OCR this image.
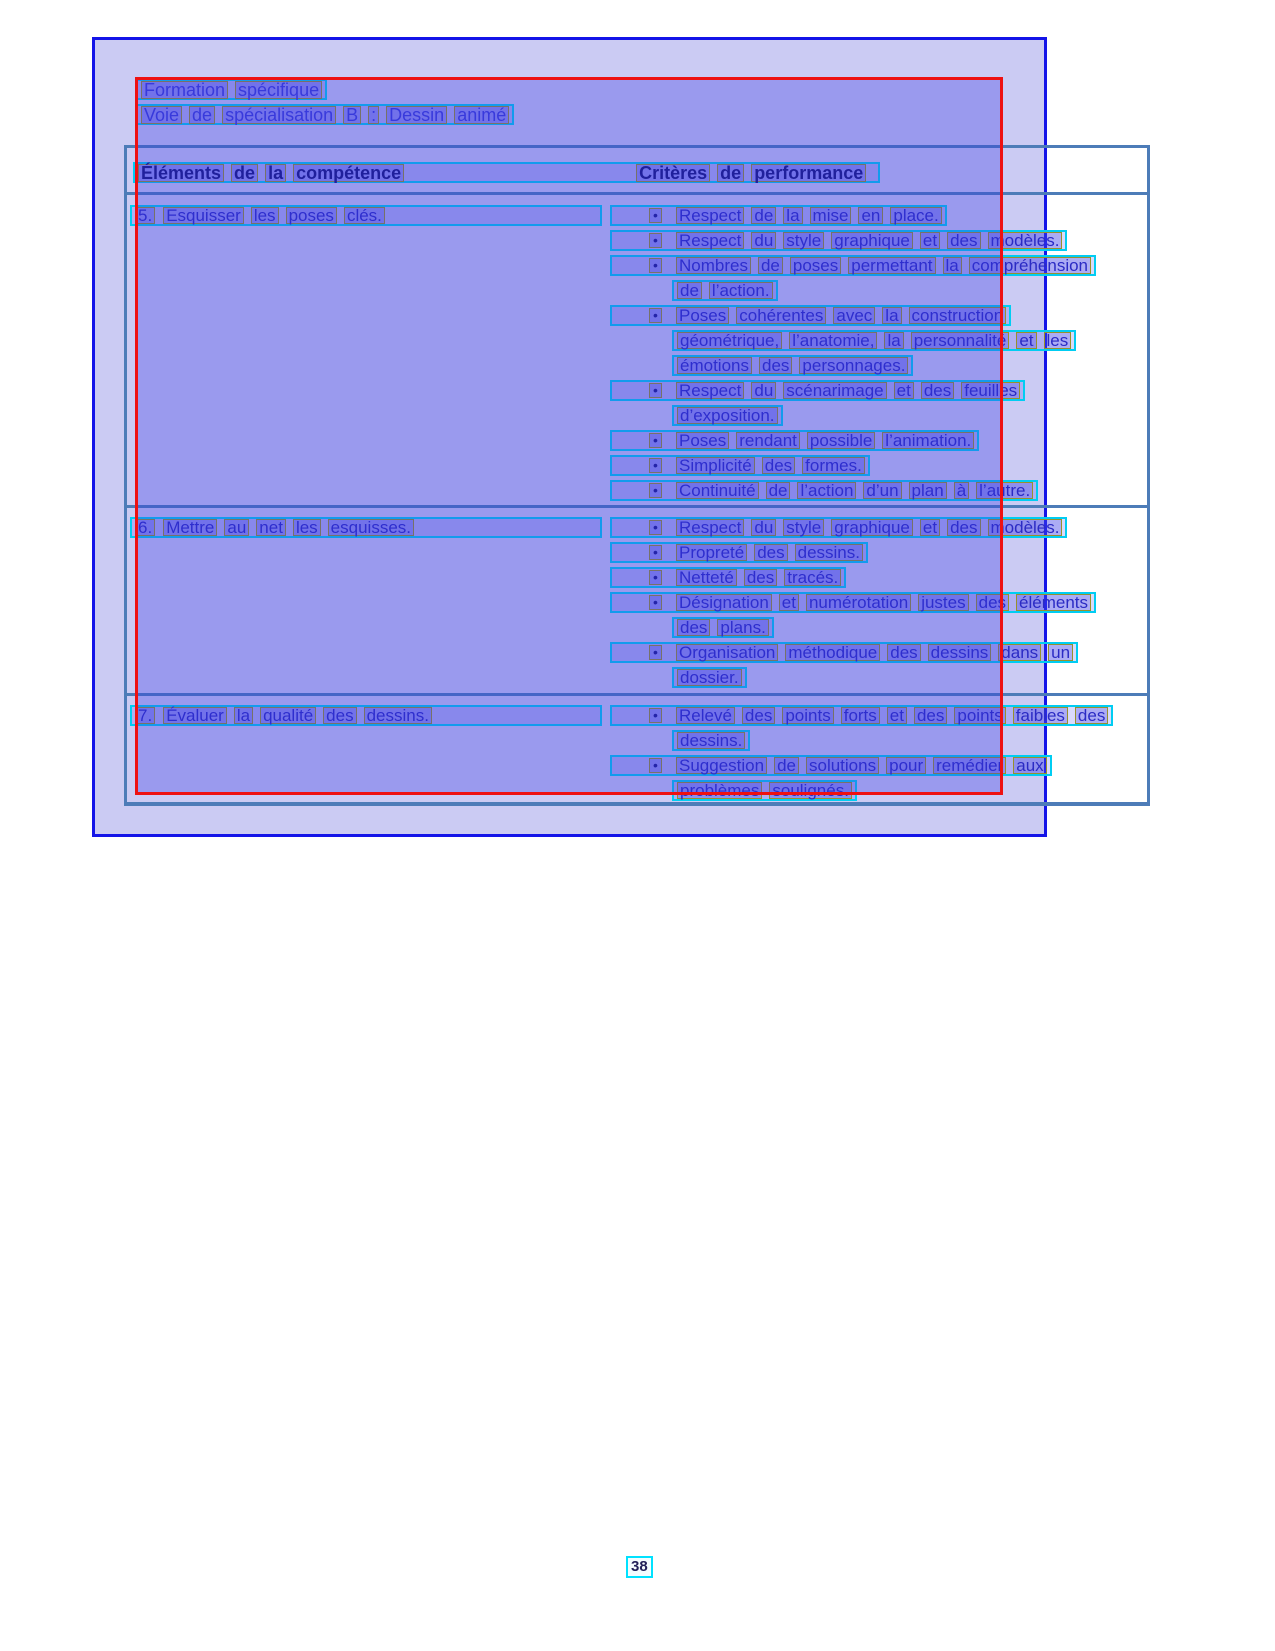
Formation spécifique
Voie de spécialisation B : Dessin animé
Éléments de la compétence	Critères de performance
5. Esquisser les poses clés.	• Respect de la mise en place.
• Respect du style graphique et des modèles.
• Nombres de poses permettant la compréhension
de l’action.
• Poses cohérentes avec la construction
géométrique, l’anatomie, la personnalité et les
émotions des personnages.
• Respect du scénarimage et des feuilles
d’exposition.
• Poses rendant possible l’animation.
• Simplicité des formes.
• Continuité de l’action d’un plan à l’autre.
6. Mettre au net les esquisses.	• Respect du style graphique et des modèles.
• Propreté des dessins.
• Netteté des tracés.
• Désignation et numérotation justes des éléments
des plans.
• Organisation méthodique des dessins dans un
dossier.
7. Évaluer la qualité des dessins.	• Relevé des points forts et des points faibles des
dessins.
• Suggestion de solutions pour remédier aux
problèmes soulignés.
38
